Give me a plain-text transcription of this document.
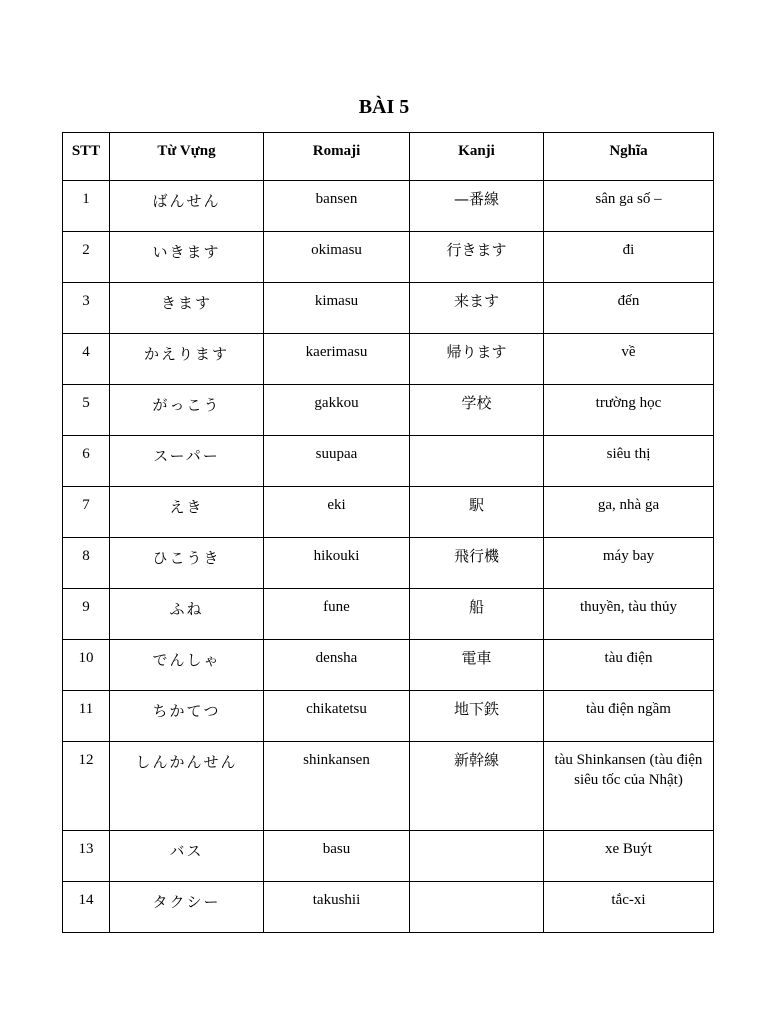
BÀI 5
STT	Từ Vựng	Romaji	Kanji	Nghĩa
1	ばんせん	bansen	—番線	sân ga số –
2	いきます	okimasu	行きます	đi
3	きます	kimasu	来ます	đến
4	かえります	kaerimasu	帰ります	về
5	がっこう	gakkou	学校	trường học
6	スーパー	suupaa		siêu thị
7	えき	eki	駅	ga, nhà ga
8	ひこうき	hikouki	飛行機	máy bay
9	ふね	fune	船	thuyền, tàu thủy
10	でんしゃ	densha	電車	tàu điện
11	ちかてつ	chikatetsu	地下鉄	tàu điện ngầm
12	しんかんせん	shinkansen	新幹線	tàu Shinkansen (tàu điện siêu tốc của Nhật)
13	バス	basu		xe Buýt
14	タクシー	takushii		tắc-xi
